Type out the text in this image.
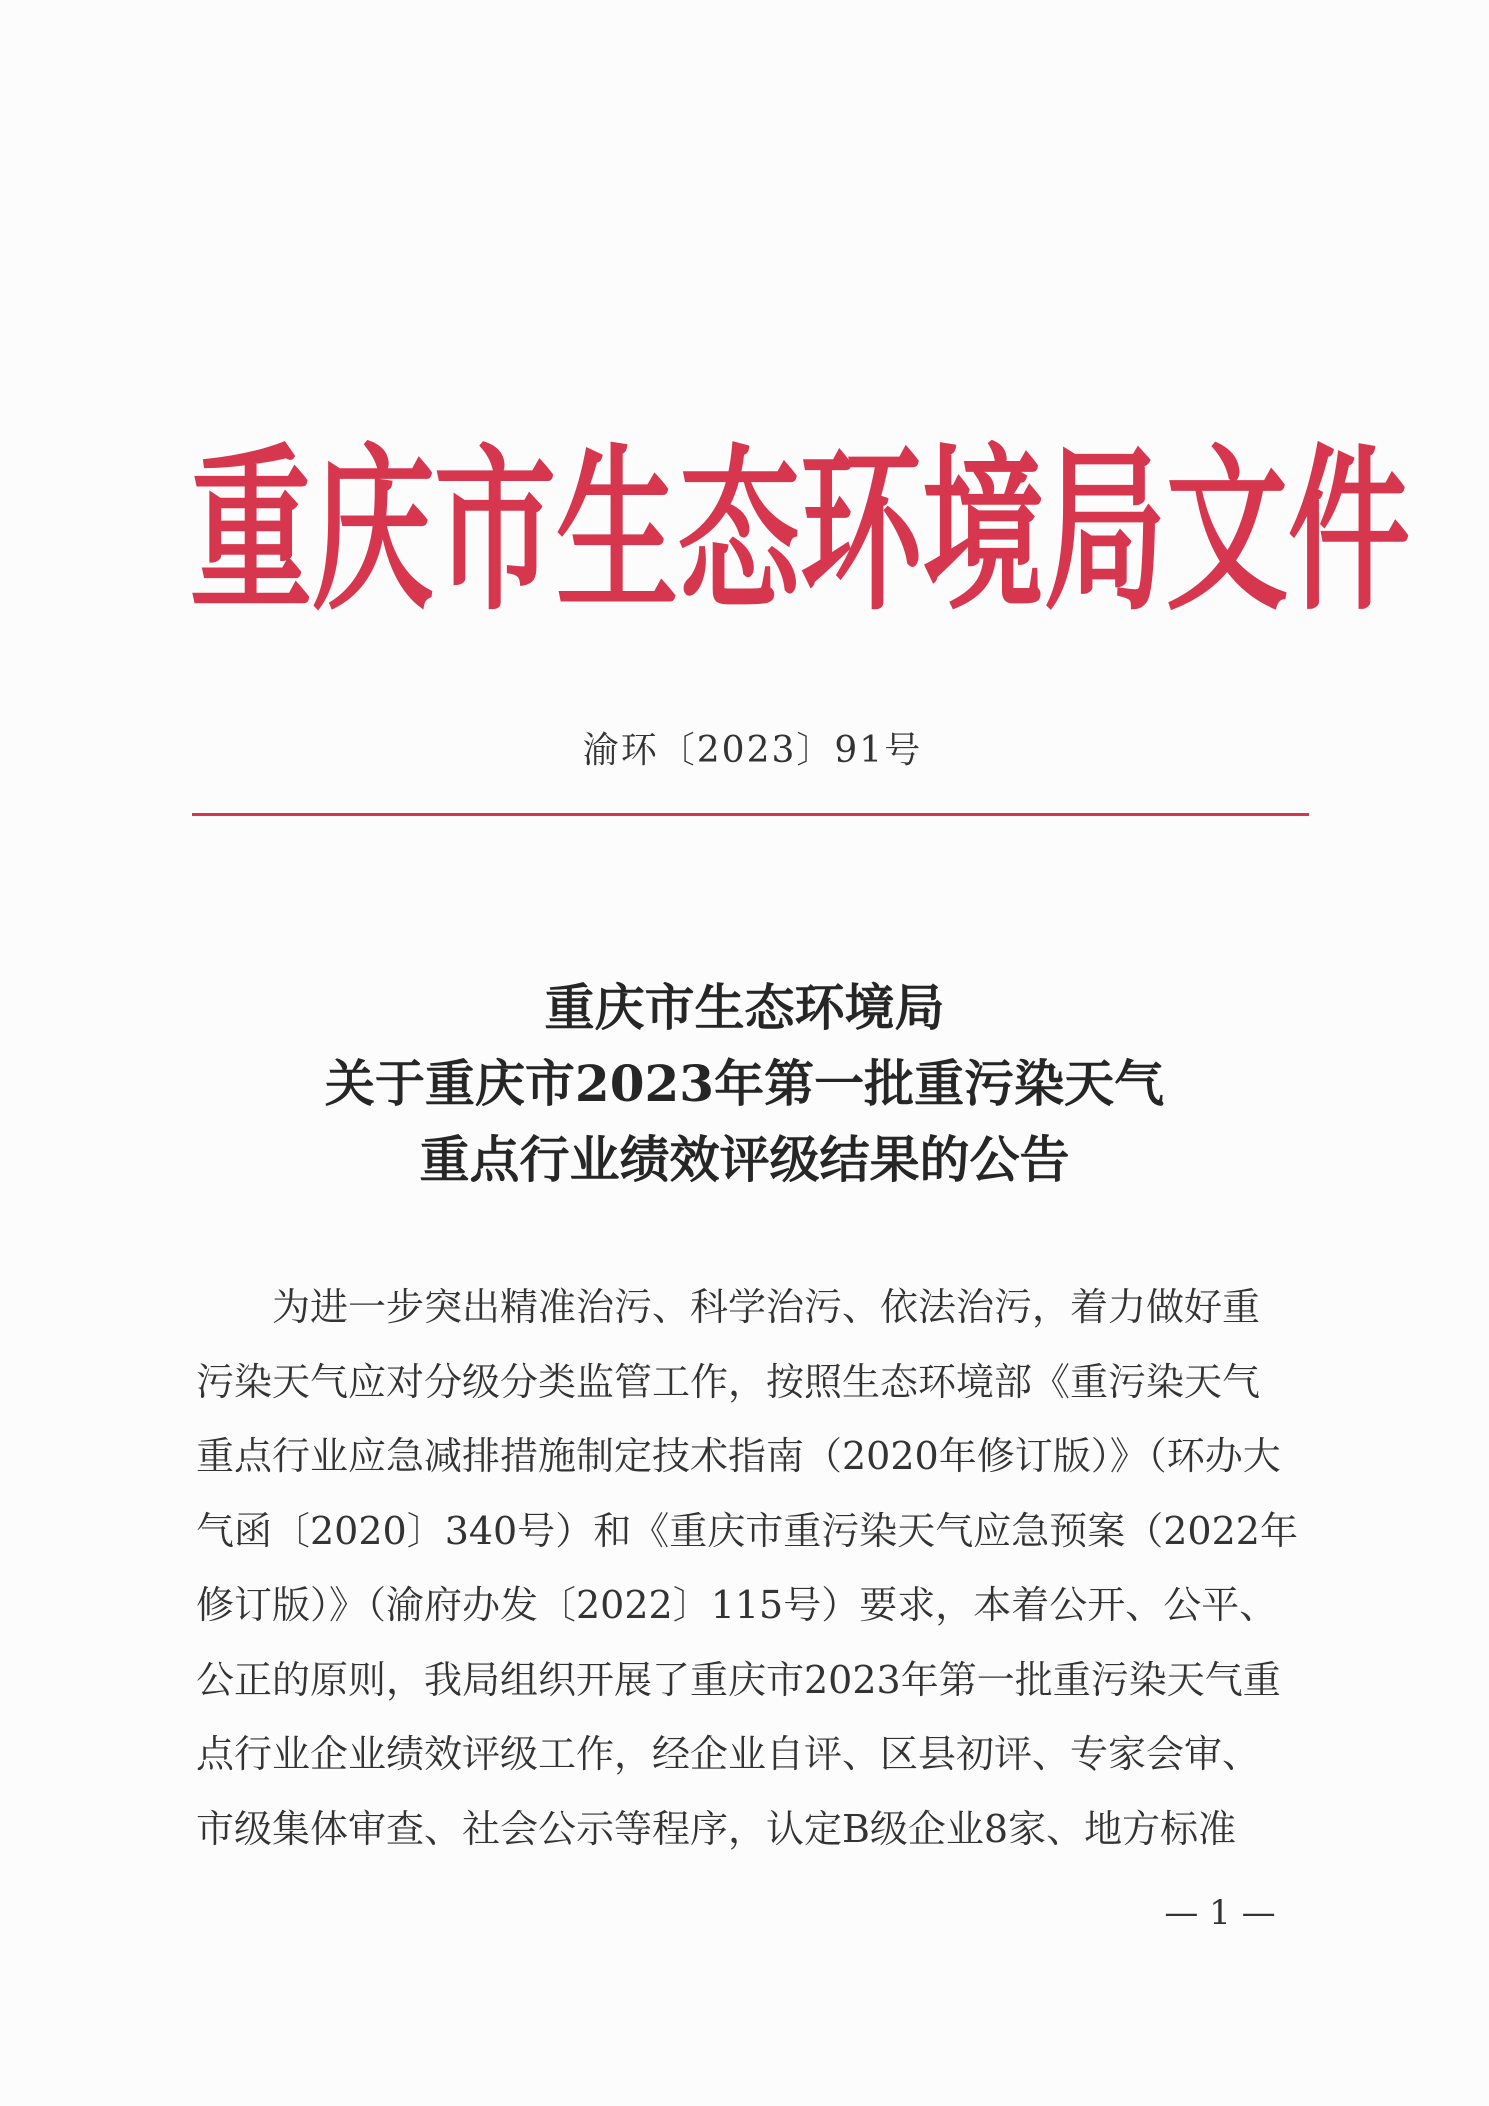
重庆市生态环境局文件
渝环〔2023〕91号
重庆市生态环境局
关于重庆市2023年第一批重污染天气
重点行业绩效评级结果的公告
为进一步突出精准治污、科学治污、依法治污，着力做好重
污染天气应对分级分类监管工作，按照生态环境部《重污染天气
重点行业应急减排措施制定技术指南（2020年修订版）》（环办大
气函〔2020〕340号）和《重庆市重污染天气应急预案（2022年
修订版）》（渝府办发〔2022〕115号）要求，本着公开、公平、
公正的原则，我局组织开展了重庆市2023年第一批重污染天气重
点行业企业绩效评级工作，经企业自评、区县初评、专家会审、
市级集体审查、社会公示等程序，认定B级企业8家、地方标准
— 1 —
